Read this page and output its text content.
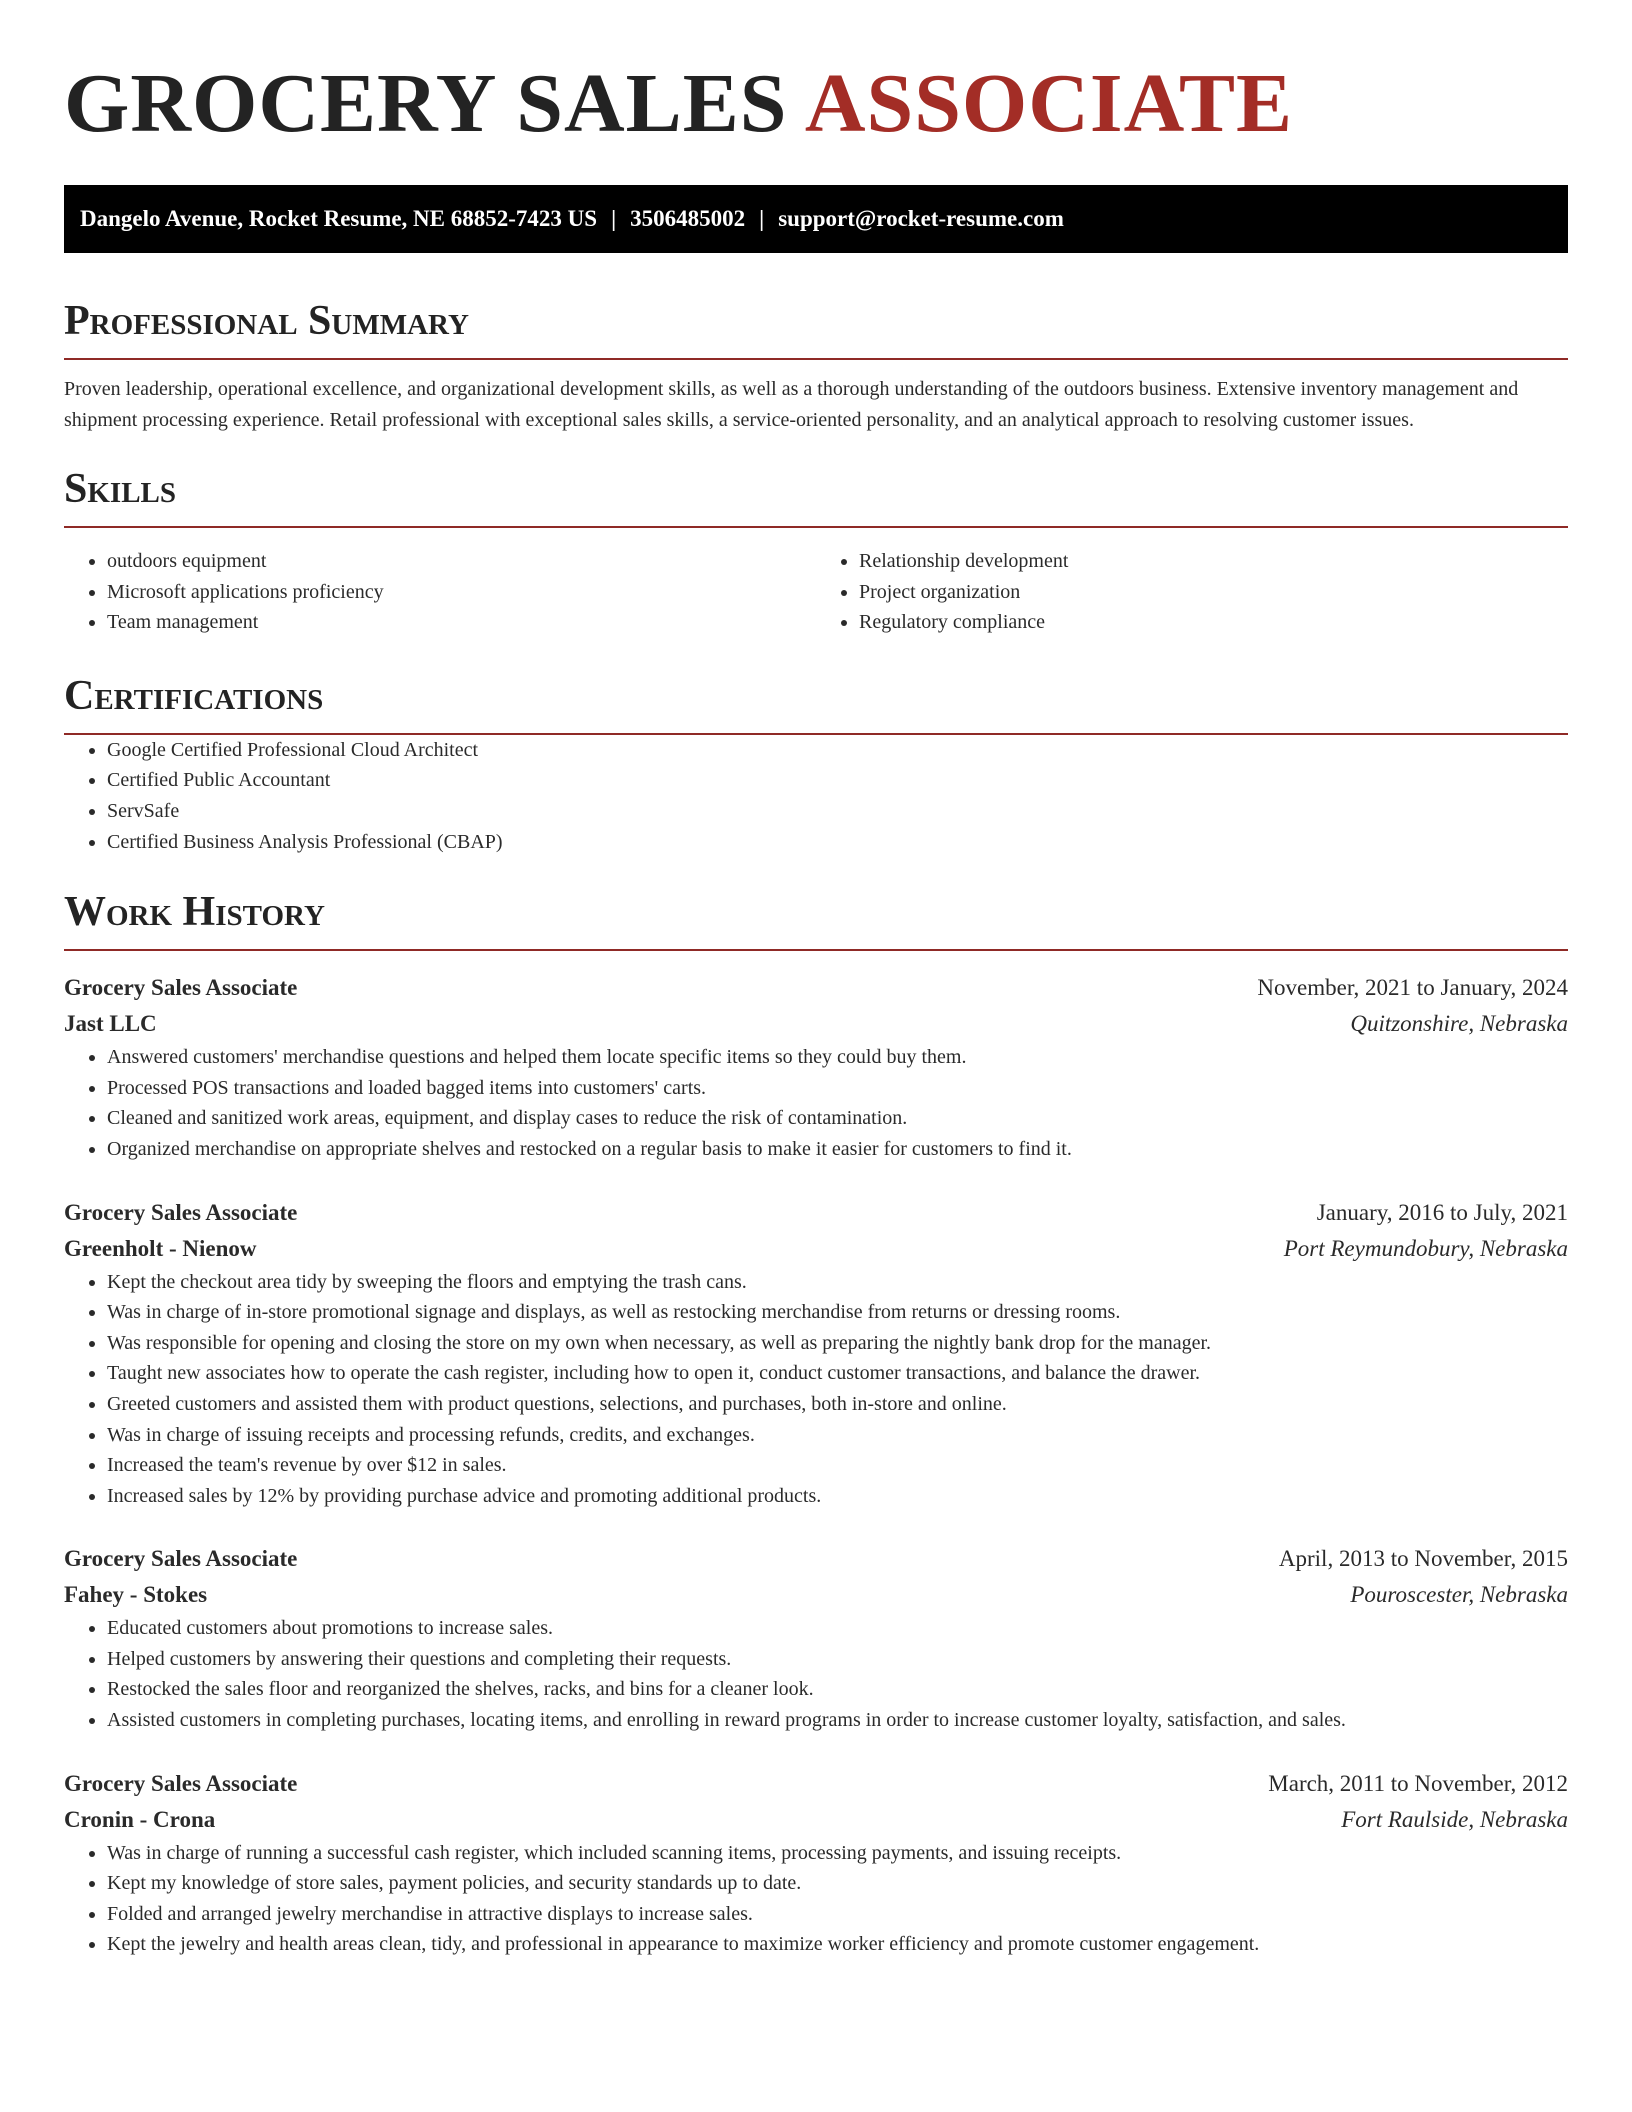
GROCERY SALES ASSOCIATE
Dangelo Avenue, Rocket Resume, NE 68852-7423 US | 3506485002 | support@rocket-resume.com
Professional Summary

Proven leadership, operational excellence, and organizational development skills, as well as a thorough understanding of the outdoors business. Extensive inventory management and shipment processing experience. Retail professional with exceptional sales skills, a service-oriented personality, and an analytical approach to resolving customer issues.

Skills
• outdoors equipment
• Microsoft applications proficiency
• Team management
• Relationship development
• Project organization
• Regulatory compliance
Certifications
• Google Certified Professional Cloud Architect
• Certified Public Accountant
• ServSafe
• Certified Business Analysis Professional (CBAP)
Work History
Grocery Sales Associate	November, 2021 to January, 2024
Jast LLC	Quitzonshire, Nebraska
• Answered customers' merchandise questions and helped them locate specific items so they could buy them.
• Processed POS transactions and loaded bagged items into customers' carts.
• Cleaned and sanitized work areas, equipment, and display cases to reduce the risk of contamination.
• Organized merchandise on appropriate shelves and restocked on a regular basis to make it easier for customers to find it.
Grocery Sales Associate	January, 2016 to July, 2021
Greenholt - Nienow	Port Reymundobury, Nebraska
• Kept the checkout area tidy by sweeping the floors and emptying the trash cans.
• Was in charge of in-store promotional signage and displays, as well as restocking merchandise from returns or dressing rooms.
• Was responsible for opening and closing the store on my own when necessary, as well as preparing the nightly bank drop for the manager.
• Taught new associates how to operate the cash register, including how to open it, conduct customer transactions, and balance the drawer.
• Greeted customers and assisted them with product questions, selections, and purchases, both in-store and online.
• Was in charge of issuing receipts and processing refunds, credits, and exchanges.
• Increased the team's revenue by over $12 in sales.
• Increased sales by 12% by providing purchase advice and promoting additional products.
Grocery Sales Associate	April, 2013 to November, 2015
Fahey - Stokes	Pouroscester, Nebraska
• Educated customers about promotions to increase sales.
• Helped customers by answering their questions and completing their requests.
• Restocked the sales floor and reorganized the shelves, racks, and bins for a cleaner look.
• Assisted customers in completing purchases, locating items, and enrolling in reward programs in order to increase customer loyalty, satisfaction, and sales.
Grocery Sales Associate	March, 2011 to November, 2012
Cronin - Crona	Fort Raulside, Nebraska
• Was in charge of running a successful cash register, which included scanning items, processing payments, and issuing receipts.
• Kept my knowledge of store sales, payment policies, and security standards up to date.
• Folded and arranged jewelry merchandise in attractive displays to increase sales.
• Kept the jewelry and health areas clean, tidy, and professional in appearance to maximize worker efficiency and promote customer engagement.
